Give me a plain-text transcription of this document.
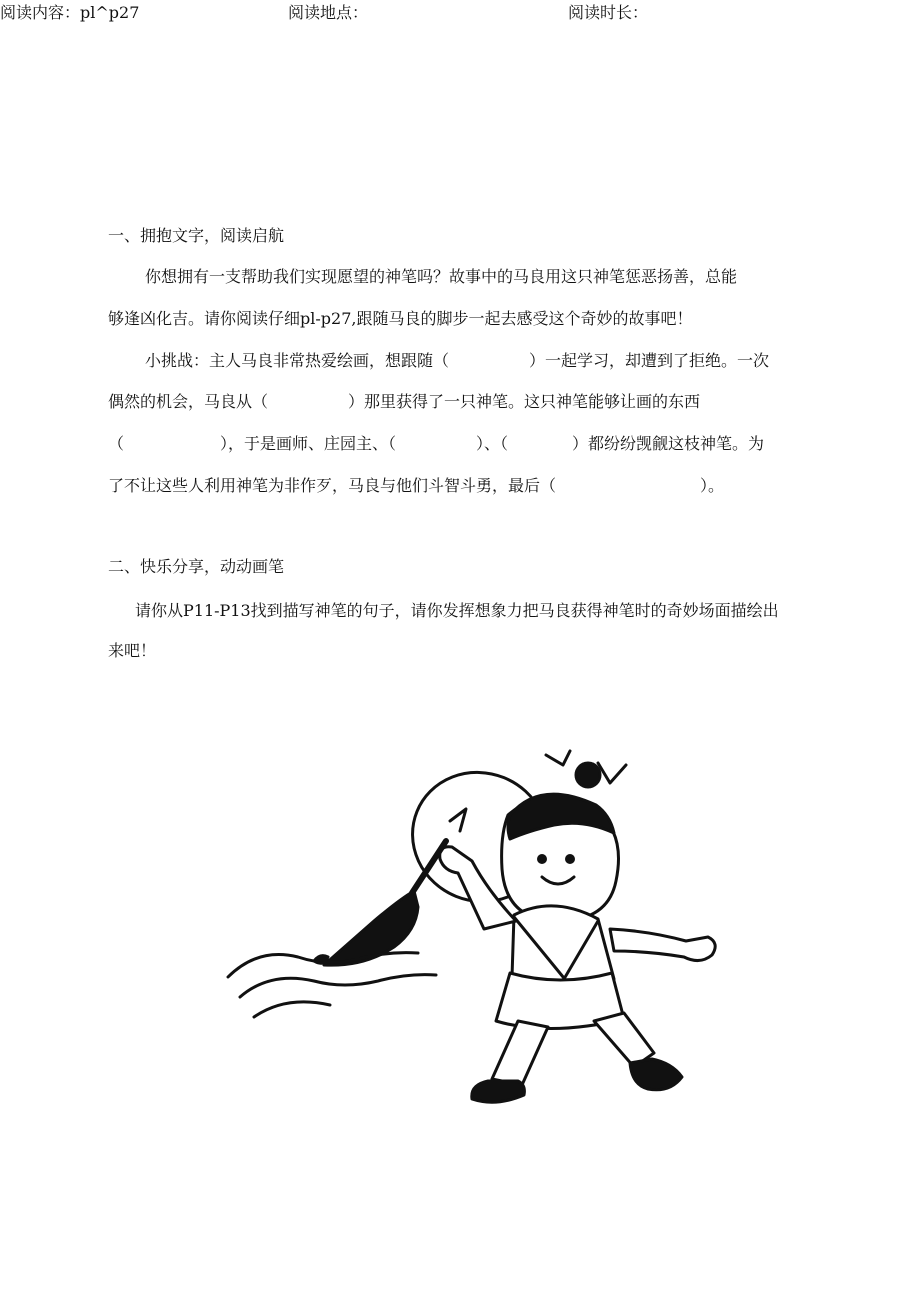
阅读内容：pl^p27	阅读地点：	阅读时长：
一、拥抱文字，阅读启航
你想拥有一支帮助我们实现愿望的神笔吗？故事中的马良用这只神笔惩恶扬善，总能
够逢凶化吉。请你阅读仔细pl-p27,跟随马良的脚步一起去感受这个奇妙的故事吧！
小挑战：主人马良非常热爱绘画，想跟随（　　　　　）一起学习，却遭到了拒绝。一次
偶然的机会，马良从（　　　　　）那里获得了一只神笔。这只神笔能够让画的东西
（　　　　　　），于是画师、庄园主、（　　　　　）、（　　　　）都纷纷觊觎这枝神笔。为
了不让这些人利用神笔为非作歹，马良与他们斗智斗勇，最后（　　　　　　　　　）。
二、快乐分享，动动画笔
请你从P11-P13找到描写神笔的句子，请你发挥想象力把马良获得神笔时的奇妙场面描绘出
来吧！
